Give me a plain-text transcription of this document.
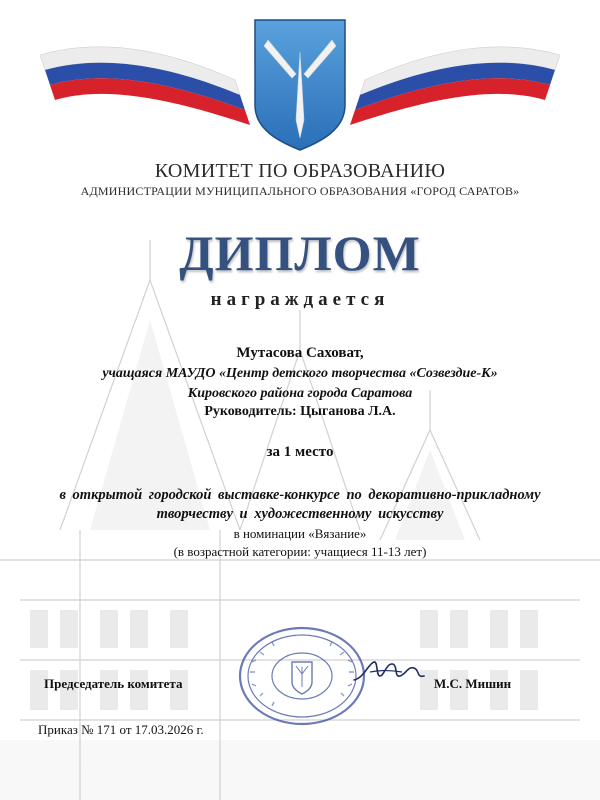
КОМИТЕТ ПО ОБРАЗОВАНИЮ
АДМИНИСТРАЦИИ МУНИЦИПАЛЬНОГО ОБРАЗОВАНИЯ «ГОРОД САРАТОВ»
ДИПЛОМ
награждается
Мутасова Саховат,
учащаяся МАУДО «Центр детского творчества «Созвездие-К»
Кировского района города Саратова
Руководитель: Цыганова Л.А.
за 1 место
в открытой городской выставке-конкурсе по декоративно-прикладному
творчеству и художественному искусству
в номинации «Вязание»
(в возрастной категории: учащиеся 11-13 лет)
Председатель комитета	М.С. Мишин
Приказ № 171 от 17.03.2026 г.
